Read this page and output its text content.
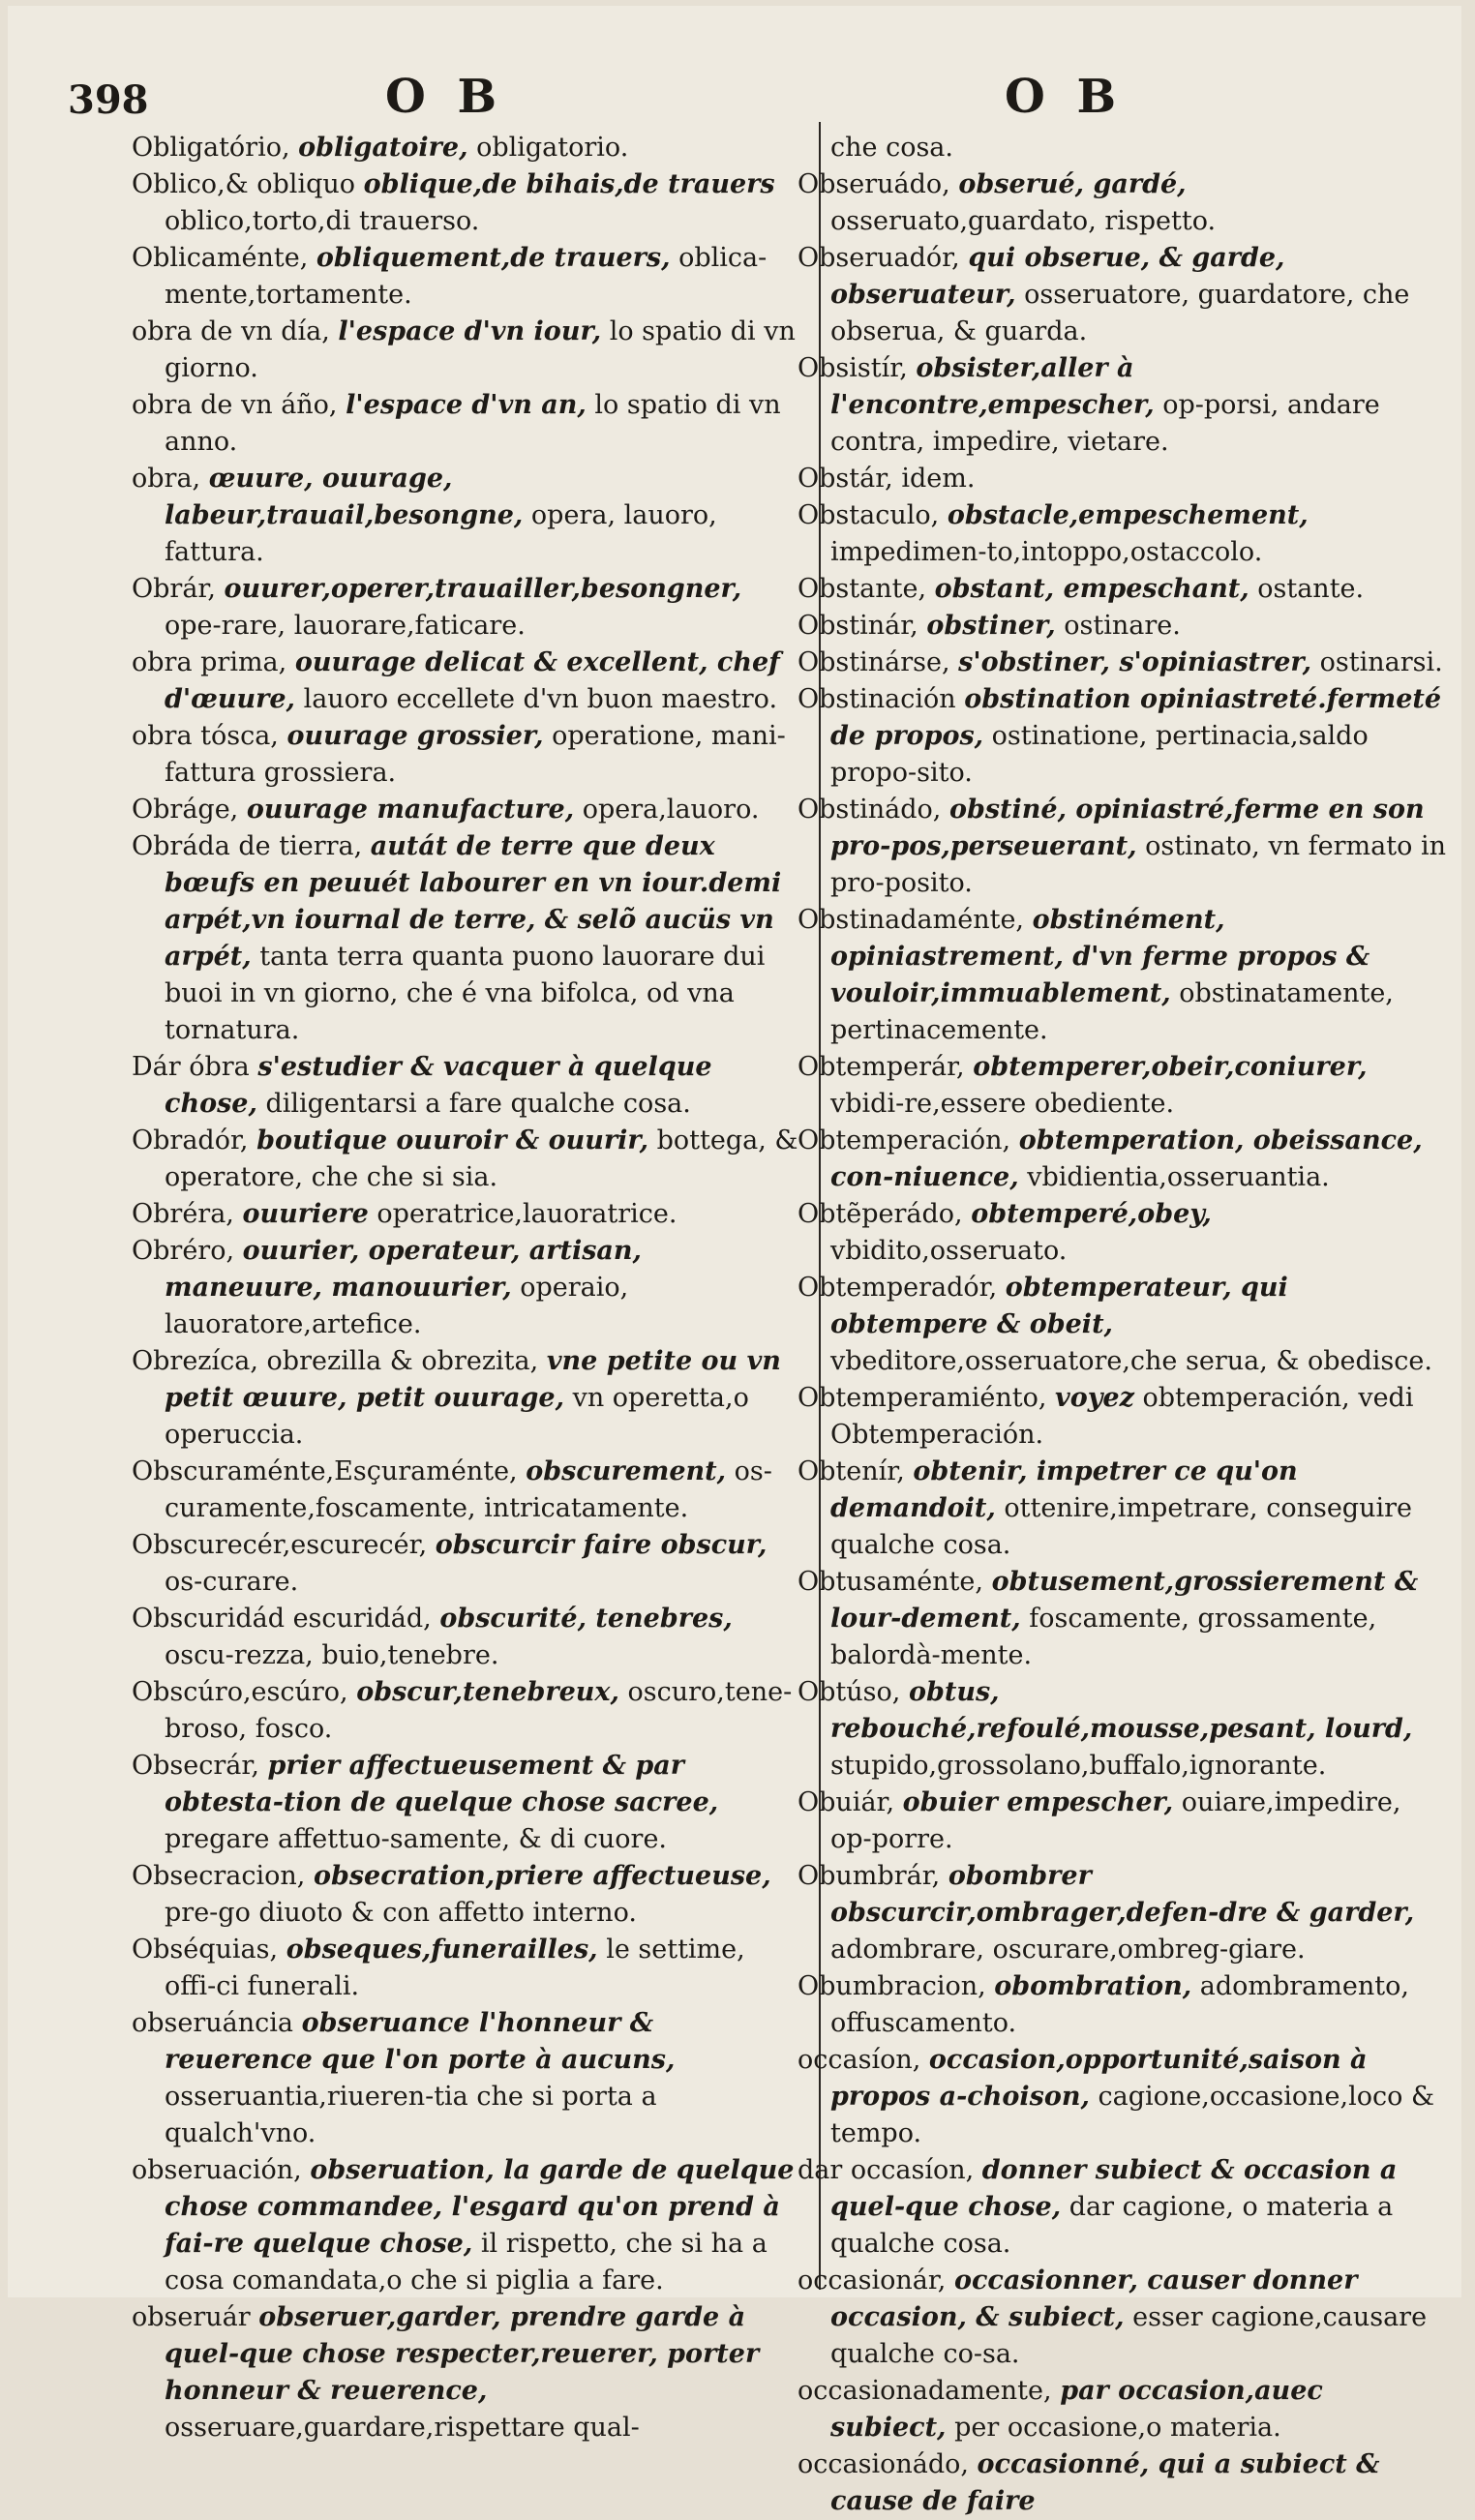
398	O B	O B

Obligatório, obligatoire, obligatorio.

Oblico,& obliquo oblique,de bihais,de trauers oblico,torto,di trauerso.

Oblicaménte, obliquement,de trauers, oblica-mente,tortamente.

obra de vn día, l'espace d'vn iour, lo spatio di vn giorno.

obra de vn áño, l'espace d'vn an, lo spatio di vn anno.

obra, œuure, ouurage, labeur,trauail,besongne, opera, lauoro, fattura.

Obrár, ouurer,operer,trauailler,besongner, ope-rare, lauorare,faticare.

obra prima, ouurage delicat & excellent, chef d'œuure, lauoro eccellete d'vn buon maestro.

obra tósca, ouurage grossier, operatione, mani-fattura grossiera.

Obráge, ouurage manufacture, opera,lauoro.

Obráda de tierra, autát de terre que deux bœufs en peuuét labourer en vn iour.demi arpét,vn iournal de terre, & selõ aucüs vn arpét, tanta terra quanta puono lauorare dui buoi in vn giorno, che é vna bifolca, od vna tornatura.

Dár óbra s'estudier & vacquer à quelque chose, diligentarsi a fare qualche cosa.

Obradór, boutique ouuroir & ouurir, bottega, & operatore, che che si sia.

Obréra, ouuriere operatrice,lauoratrice.

Obréro, ouurier, operateur, artisan, maneuure, manouurier, operaio, lauoratore,artefice.

Obrezíca, obrezilla & obrezita, vne petite ou vn petit œuure, petit ouurage, vn operetta,o operuccia.

Obscuraménte,Esçuraménte, obscurement, os-curamente,foscamente, intricatamente.

Obscurecér,escurecér, obscurcir faire obscur, os-curare.

Obscuridád escuridád, obscurité, tenebres, oscu-rezza, buio,tenebre.

Obscúro,escúro, obscur,tenebreux, oscuro,tene-broso, fosco.

Obsecrár, prier affectueusement & par obtesta-tion de quelque chose sacree, pregare affettuo-samente, & di cuore.

Obsecracion, obsecration,priere affectueuse, pre-go diuoto & con affetto interno.

Obséquias, obseques,funerailles, le settime, offi-ci funerali.

obseruáncia obseruance l'honneur & reuerence que l'on porte à aucuns, osseruantia,riueren-tia che si porta a qualch'vno.

obseruación, obseruation, la garde de quelque chose commandee, l'esgard qu'on prend à fai-re quelque chose, il rispetto, che si ha a cosa comandata,o che si piglia a fare.

obseruár obseruer,garder, prendre garde à quel-que chose respecter,reuerer, porter honneur & reuerence, osseruare,guardare,rispettare qual-

che cosa.

Obseruádo, obserué, gardé, osseruato,guardato, rispetto.

Obseruadór, qui obserue, & garde, obseruateur, osseruatore, guardatore, che obserua, & guarda.

Obsistír, obsister,aller à l'encontre,empescher, op-porsi, andare contra, impedire, vietare.

Obstár, idem.

Obstaculo, obstacle,empeschement, impedimen-to,intoppo,ostaccolo.

Obstante, obstant, empeschant, ostante.

Obstinár, obstiner, ostinare.

Obstinárse, s'obstiner, s'opiniastrer, ostinarsi.

Obstinación obstination opiniastreté.fermeté de propos, ostinatione, pertinacia,saldo propo-sito.

Obstinádo, obstiné, opiniastré,ferme en son pro-pos,perseuerant, ostinato, vn fermato in pro-posito.

Obstinadaménte, obstinément, opiniastrement, d'vn ferme propos & vouloir,immuablement, obstinatamente, pertinacemente.

Obtemperár, obtemperer,obeir,coniurer, vbidi-re,essere obediente.

Obtemperación, obtemperation, obeissance, con-niuence, vbidientia,osseruantia.

Obtẽperádo, obtemperé,obey, vbidito,osseruato.

Obtemperadór, obtemperateur, qui obtempere & obeit, vbeditore,osseruatore,che serua, & obedisce.

Obtemperamiénto, voyez obtemperación, vedi Obtemperación.

Obtenír, obtenir, impetrer ce qu'on demandoit, ottenire,impetrare, conseguire qualche cosa.

Obtusaménte, obtusement,grossierement & lour-dement, foscamente, grossamente, balordà-mente.

Obtúso, obtus, rebouché,refoulé,mousse,pesant, lourd, stupido,grossolano,buffalo,ignorante.

Obuiár, obuier empescher, ouiare,impedire, op-porre.

Obumbrár, obombrer obscurcir,ombrager,defen-dre & garder, adombrare, oscurare,ombreg-giare.

Obumbracion, obombration, adombramento, offuscamento.

occasíon, occasion,opportunité,saison à propos a-choison, cagione,occasione,loco & tempo.

dar occasíon, donner subiect & occasion a quel-que chose, dar cagione, o materia a qualche cosa.

occasionár, occasionner, causer donner occasion, & subiect, esser cagione,causare qualche co-sa.

occasionadamente, par occasion,auec subiect, per occasione,o materia.

occasionádo, occasionné, qui a subiect & cause de faire
